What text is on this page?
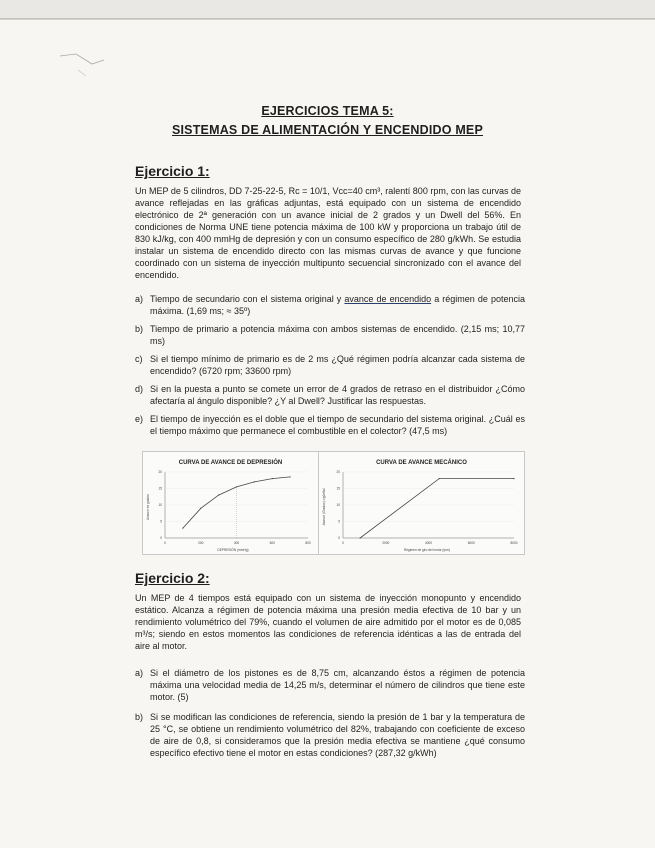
EJERCICIOS TEMA 5:
SISTEMAS DE ALIMENTACIÓN Y ENCENDIDO MEP
Ejercicio 1:

Un MEP de 5 cilindros, DD 7-25-22-5, Rc = 10/1, Vcc=40 cm³, ralentí 800 rpm, con las curvas de avance reflejadas en las gráficas adjuntas, está equipado con un sistema de encendido electrónico de 2ª generación con un avance inicial de 2 grados y un Dwell del 56%. En condiciones de Norma UNE tiene potencia máxima de 100 kW y proporciona un trabajo útil de 830 kJ/kg, con 400 mmHg de depresión y con un consumo específico de 280 g/kWh. Se estudia instalar un sistema de encendido directo con las mismas curvas de avance y que funcione coordinado con un sistema de inyección multipunto secuencial sincronizado con el avance del encendido.

a) Tiempo de secundario con el sistema original y avance de encendido a régimen de potencia máxima. (1,69 ms; ≈ 35º)
b) Tiempo de primario a potencia máxima con ambos sistemas de encendido. (2,15 ms; 10,77 ms)
c) Si el tiempo mínimo de primario es de 2 ms ¿Qué régimen podría alcanzar cada sistema de encendido? (6720 rpm; 33600 rpm)
d) Si en la puesta a punto se comete un error de 4 grados de retraso en el distribuidor ¿Cómo afectaría al ángulo disponible? ¿Y al Dwell? Justificar las respuestas.
e) El tiempo de inyección es el doble que el tiempo de secundario del sistema original. ¿Cuál es el tiempo máximo que permanece el combustible en el colector? (47,5 ms)
CURVA DE AVANCE DE DEPRESIÓN
0
5
10
15
20
0	200	400	600	800
DEPRESIÓN (mmHg)
Avance en grados
CURVA DE AVANCE MECÁNICO
0
5
10
15
20
0	2000	4000	6000	8000
Régimen de giro del motor (rpm)
Avance (Grados) cigüeñal
Ejercicio 2:

Un MEP de 4 tiempos está equipado con un sistema de inyección monopunto y encendido estático. Alcanza a régimen de potencia máxima una presión media efectiva de 10 bar y un rendimiento volumétrico del 79%, cuando el volumen de aire admitido por el motor es de 0,085 m³/s; siendo en estos momentos las condiciones de referencia idénticas a las de entrada del aire al motor.

a) Si el diámetro de los pistones es de 8,75 cm, alcanzando éstos a régimen de potencia máxima una velocidad media de 14,25 m/s, determinar el número de cilindros que tiene este motor. (5)
b) Si se modifican las condiciones de referencia, siendo la presión de 1 bar y la temperatura de 25 °C, se obtiene un rendimiento volumétrico del 82%, trabajando con coeficiente de exceso de aire de 0,8, si consideramos que la presión media efectiva se mantiene ¿qué consumo específico efectivo tiene el motor en estas condiciones? (287,32 g/kWh)
